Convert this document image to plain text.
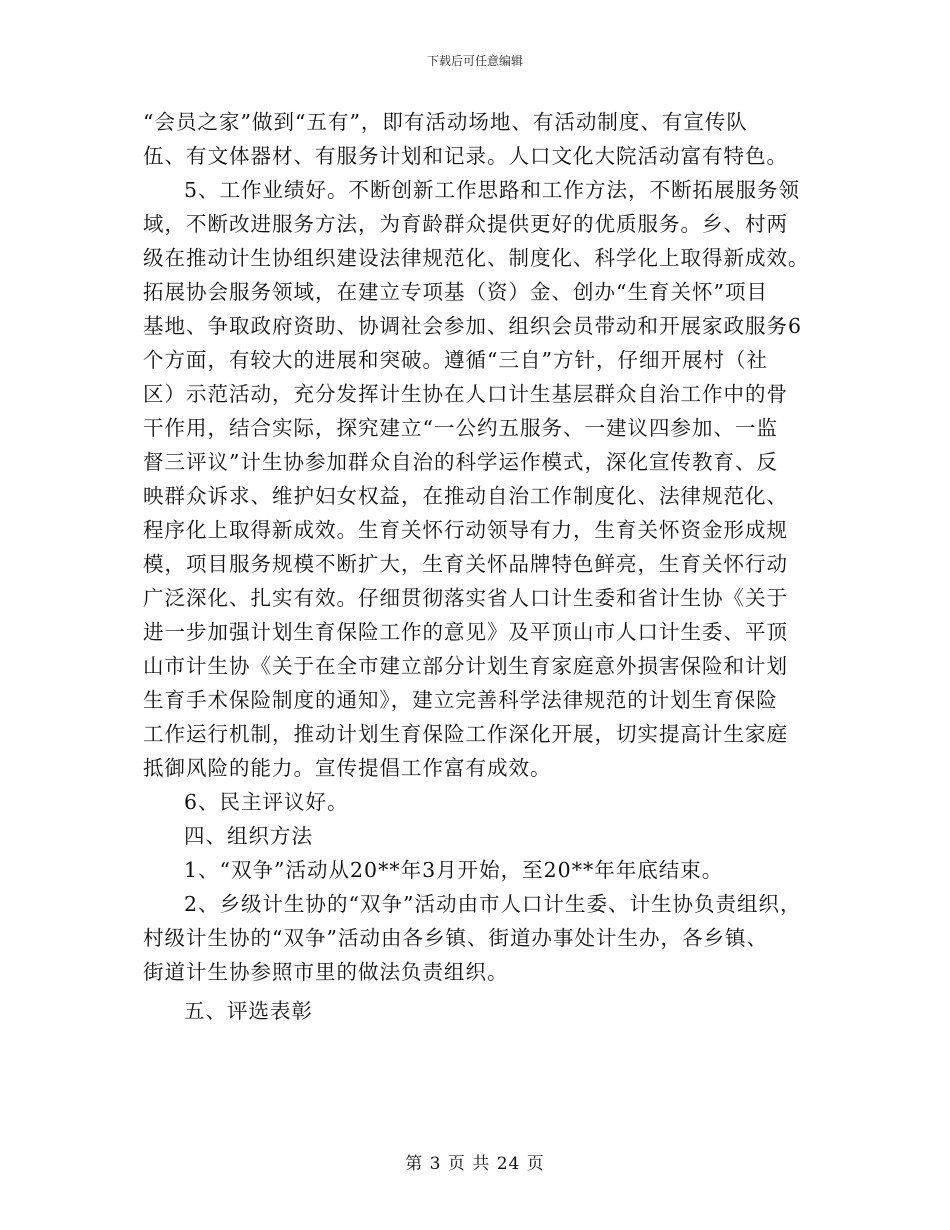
下载后可任意编辑
“会员之家”做到“五有”，即有活动场地、有活动制度、有宣传队
伍、有文体器材、有服务计划和记录。人口文化大院活动富有特色。
5、工作业绩好。不断创新工作思路和工作方法，不断拓展服务领
域，不断改进服务方法，为育龄群众提供更好的优质服务。乡、村两
级在推动计生协组织建设法律规范化、制度化、科学化上取得新成效。
拓展协会服务领域，在建立专项基（资）金、创办“生育关怀”项目
基地、争取政府资助、协调社会参加、组织会员带动和开展家政服务6
个方面，有较大的进展和突破。遵循“三自”方针，仔细开展村（社
区）示范活动，充分发挥计生协在人口计生基层群众自治工作中的骨
干作用，结合实际，探究建立“一公约五服务、一建议四参加、一监
督三评议”计生协参加群众自治的科学运作模式，深化宣传教育、反
映群众诉求、维护妇女权益，在推动自治工作制度化、法律规范化、
程序化上取得新成效。生育关怀行动领导有力，生育关怀资金形成规
模，项目服务规模不断扩大，生育关怀品牌特色鲜亮，生育关怀行动
广泛深化、扎实有效。仔细贯彻落实省人口计生委和省计生协《关于
进一步加强计划生育保险工作的意见》及平顶山市人口计生委、平顶
山市计生协《关于在全市建立部分计划生育家庭意外损害保险和计划
生育手术保险制度的通知》，建立完善科学法律规范的计划生育保险
工作运行机制，推动计划生育保险工作深化开展，切实提高计生家庭
抵御风险的能力。宣传提倡工作富有成效。
6、民主评议好。
四、组织方法
1、“双争”活动从20**年3月开始，至20**年年底结束。
2、乡级计生协的“双争”活动由市人口计生委、计生协负责组织，
村级计生协的“双争”活动由各乡镇、街道办事处计生办，各乡镇、
街道计生协参照市里的做法负责组织。
五、评选表彰
第 3 页 共 24 页
